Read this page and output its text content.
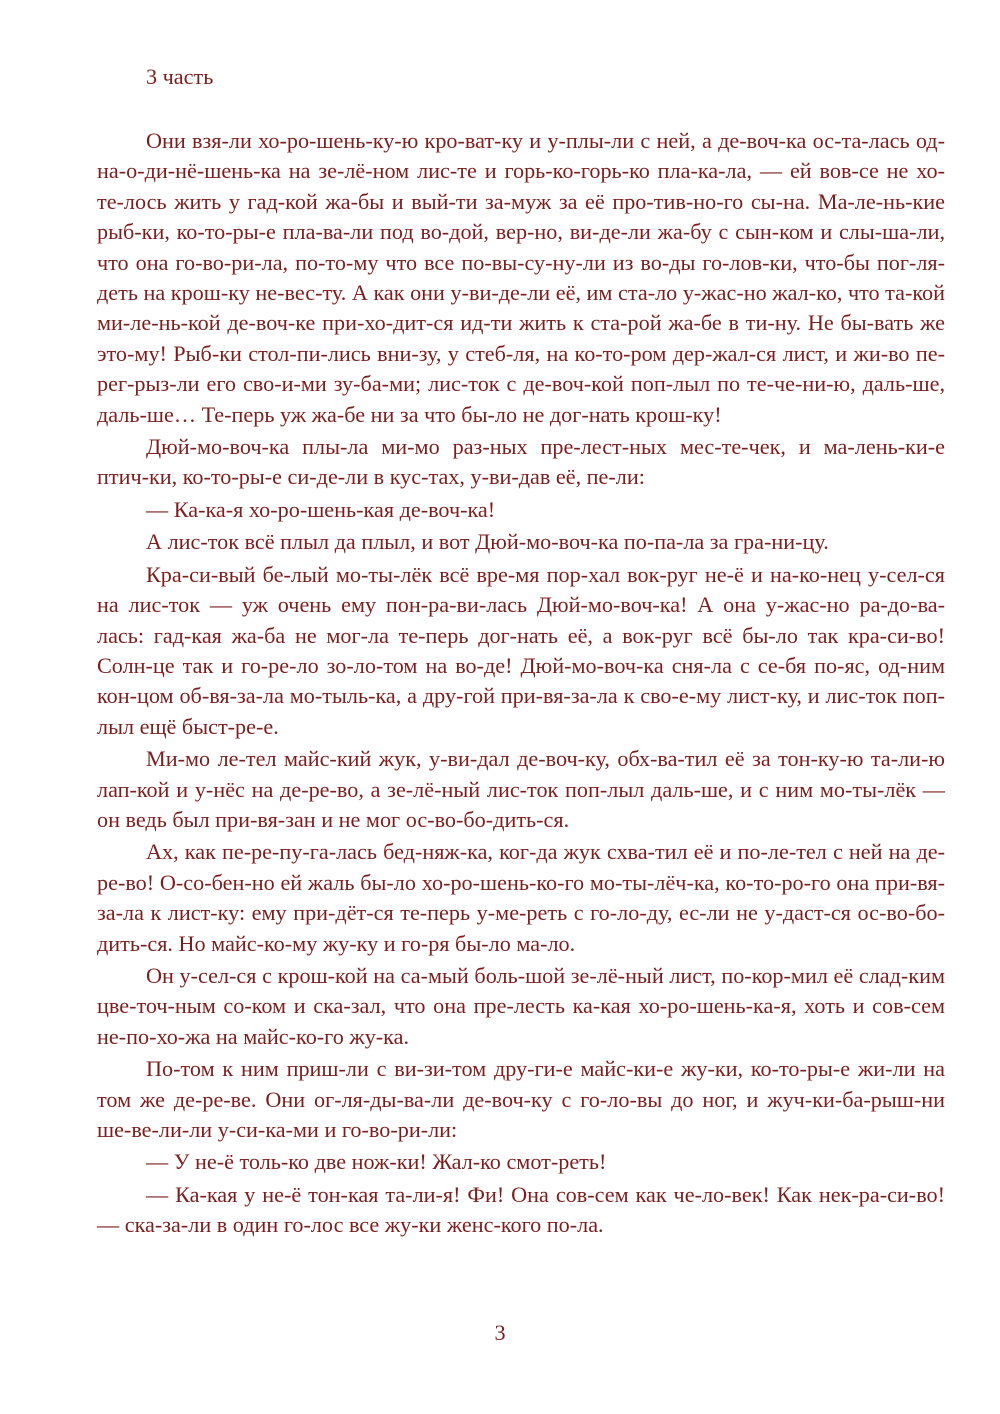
3 часть

Они взя-ли хо-ро-шень-ку-ю кро-ват-ку и у-плы-ли с ней, а де-воч-ка ос-та-лась од-на-о-ди-нё-шень-ка на зе-лё-ном лис-те и горь-ко-горь-ко пла-ка-ла, — ей вов-се не хо-те-лось жить у гад-кой жа-бы и вый-ти за-муж за её про-тив-но-го сы-на. Ма-ле-нь-кие рыб-ки, ко-то-ры-е пла-ва-ли под во-дой, вер-но, ви-де-ли жа-бу с сын-ком и слы-ша-ли, что она го-во-ри-ла, по-то-му что все по-вы-су-ну-ли из во-ды го-лов-ки, что-бы пог-ля-деть на крош-ку не-вес-ту. А как они у-ви-де-ли её, им ста-ло у-жас-но жал-ко, что та-кой ми-ле-нь-кой де-воч-ке при-хо-дит-ся ид-ти жить к ста-рой жа-бе в ти-ну. Не бы-вать же это-му! Рыб-ки стол-пи-лись вни-зу, у стеб-ля, на ко-то-ром дер-жал-ся лист, и жи-во пе-рег-рыз-ли его сво-и-ми зу-ба-ми; лис-ток с де-воч-кой поп-лыл по те-че-ни-ю, даль-ше, даль-ше… Те-перь уж жа-бе ни за что бы-ло не дог-нать крош-ку!

Дюй-мо-воч-ка плы-ла ми-мо раз-ных пре-лест-ных мес-те-чек, и ма-лень-ки-е птич-ки, ко-то-ры-е си-де-ли в кус-тах, у-ви-дав её, пе-ли:

— Ка-ка-я хо-ро-шень-кая де-воч-ка!

А лис-ток всё плыл да плыл, и вот Дюй-мо-воч-ка по-па-ла за гра-ни-цу.

Кра-си-вый бе-лый мо-ты-лёк всё вре-мя пор-хал вок-руг не-ё и на-ко-нец у-сел-ся на лис-ток — уж очень ему пон-ра-ви-лась Дюй-мо-воч-ка! А она у-жас-но ра-до-ва-лась: гад-кая жа-ба не мог-ла те-перь дог-нать её, а вок-руг всё бы-ло так кра-си-во! Солн-це так и го-ре-ло зо-ло-том на во-де! Дюй-мо-воч-ка сня-ла с се-бя по-яс, од-ним кон-цом об-вя-за-ла мо-тыль-ка, а дру-гой при-вя-за-ла к сво-е-му лист-ку, и лис-ток поп-лыл ещё быст-ре-е.

Ми-мо ле-тел майс-кий жук, у-ви-дал де-воч-ку, обх-ва-тил её за тон-ку-ю та-ли-ю лап-кой и у-нёс на де-ре-во, а зе-лё-ный лис-ток поп-лыл даль-ше, и с ним мо-ты-лёк — он ведь был при-вя-зан и не мог ос-во-бо-дить-ся.

Ах, как пе-ре-пу-га-лась бед-няж-ка, ког-да жук схва-тил её и по-ле-тел с ней на де-ре-во! О-со-бен-но ей жаль бы-ло хо-ро-шень-ко-го мо-ты-лёч-ка, ко-то-ро-го она при-вя-за-ла к лист-ку: ему при-дёт-ся те-перь у-ме-реть с го-ло-ду, ес-ли не у-даст-ся ос-во-бо-дить-ся. Но майс-ко-му жу-ку и го-ря бы-ло ма-ло.

Он у-сел-ся с крош-кой на са-мый боль-шой зе-лё-ный лист, по-кор-мил её слад-ким цве-точ-ным со-ком и ска-зал, что она пре-лесть ка-кая хо-ро-шень-ка-я, хоть и сов-сем не-по-хо-жа на майс-ко-го жу-ка.

По-том к ним приш-ли с ви-зи-том дру-ги-е майс-ки-е жу-ки, ко-то-ры-е жи-ли на том же де-ре-ве. Они ог-ля-ды-ва-ли де-воч-ку с го-ло-вы до ног, и жуч-ки-ба-рыш-ни ше-ве-ли-ли у-си-ка-ми и го-во-ри-ли:

— У не-ё толь-ко две нож-ки! Жал-ко смот-реть!

— Ка-кая у не-ё тон-кая та-ли-я! Фи! Она сов-сем как че-ло-век! Как нек-ра-си-во! — ска-за-ли в один го-лос все жу-ки женс-кого по-ла.

3
